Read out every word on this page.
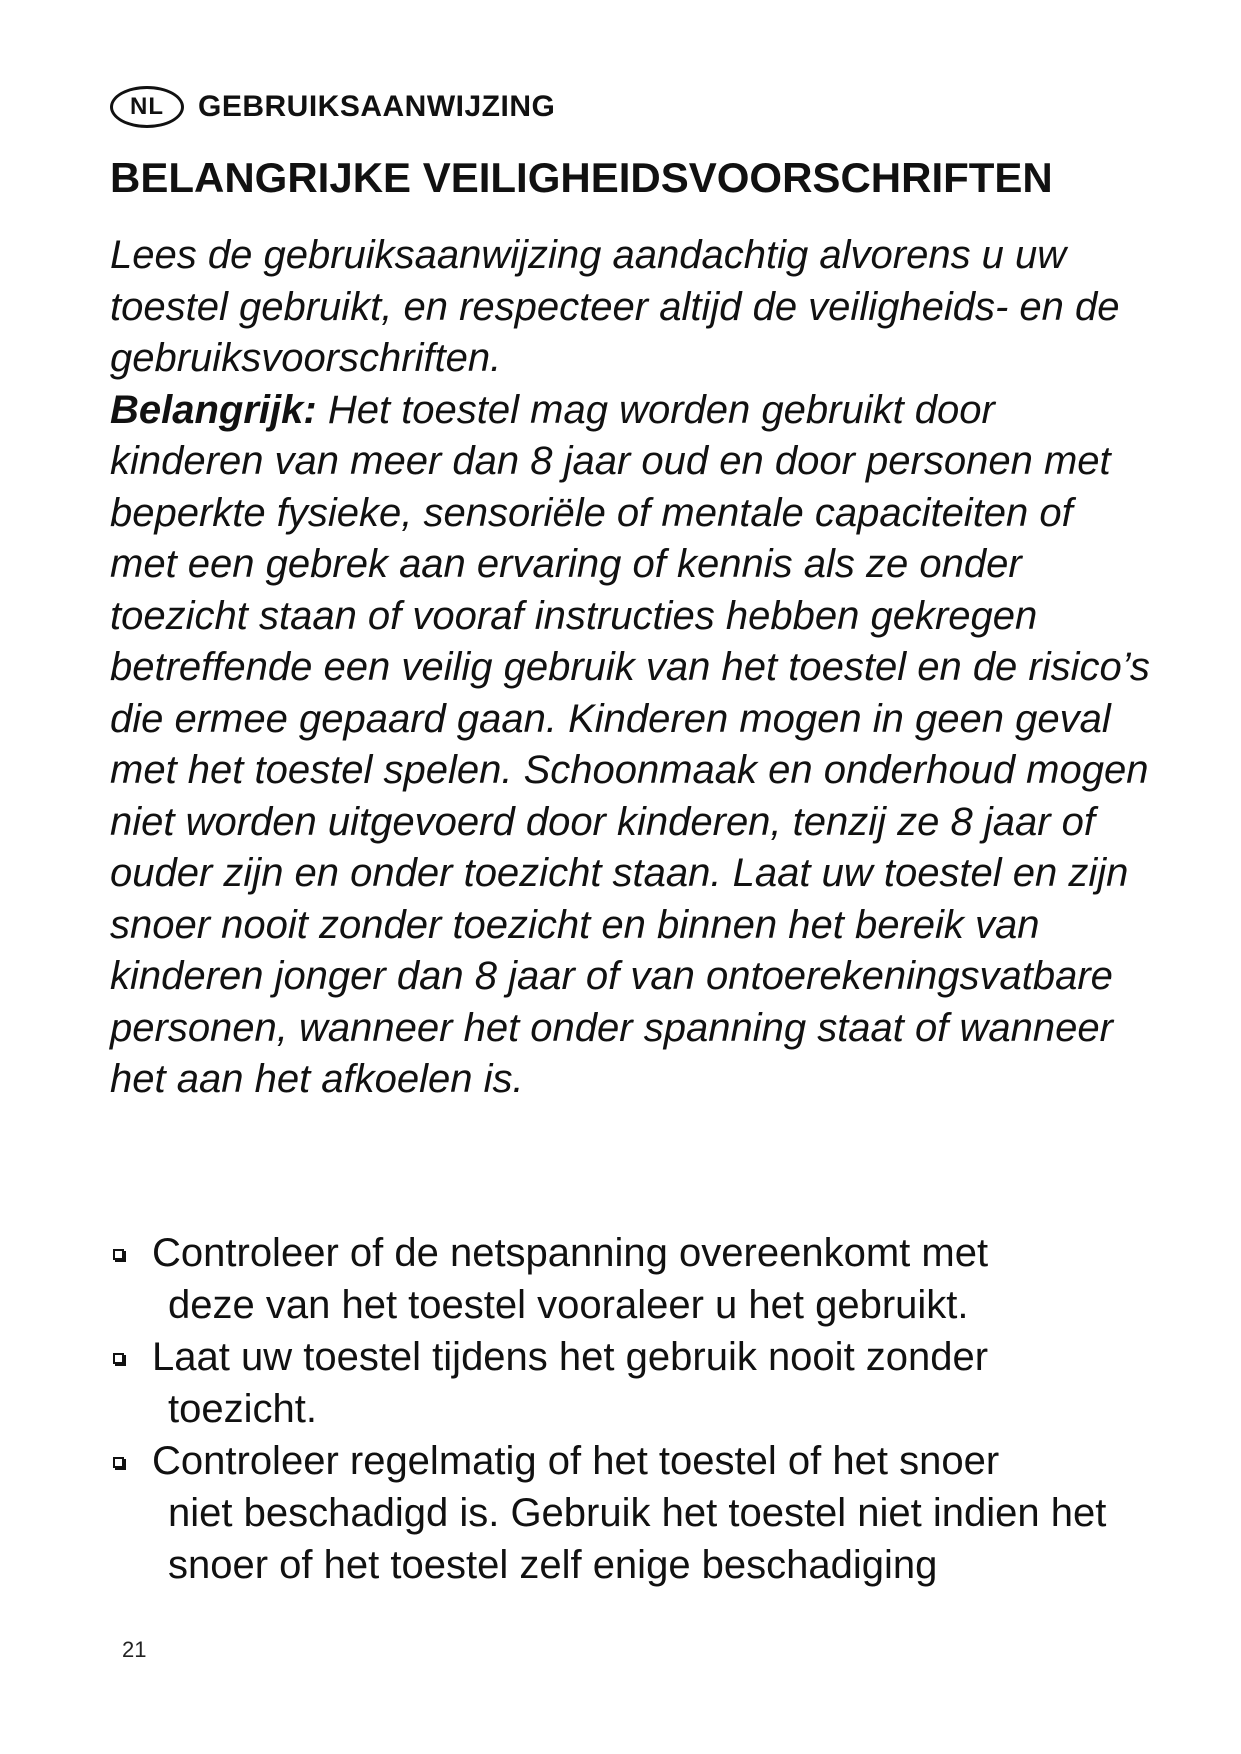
NL	GEBRUIKSAANWIJZING
BELANGRIJKE VEILIGHEIDSVOORSCHRIFTEN

Lees de gebruiksaanwijzing aandachtig alvorens u uw toestel gebruikt, en respecteer altijd de veiligheids- en de gebruiksvoorschriften.
Belangrijk: Het toestel mag worden gebruikt door kinderen van meer dan 8 jaar oud en door personen met beperkte fysieke, sensoriële of mentale capaciteiten of met een gebrek aan ervaring of kennis als ze onder toezicht staan of vooraf instructies hebben gekregen betreffende een veilig gebruik van het toestel en de risico’s die ermee gepaard gaan. Kinderen mogen in geen geval met het toestel spelen. Schoonmaak en onderhoud mogen niet worden uitgevoerd door kinderen, tenzij ze 8 jaar of ouder zijn en onder toezicht staan. Laat uw toestel en zijn snoer nooit zonder toezicht en binnen het bereik van kinderen jonger dan 8 jaar of van ontoerekeningsvatbare personen, wanneer het onder spanning staat of wanneer het aan het afkoelen is.

Controleer of de netspanning overeenkomt met
deze van het toestel vooraleer u het gebruikt.
Laat uw toestel tijdens het gebruik nooit zonder
toezicht.
Controleer regelmatig of het toestel of het snoer
niet beschadigd is. Gebruik het toestel niet indien het snoer of het toestel zelf enige beschadiging
21
